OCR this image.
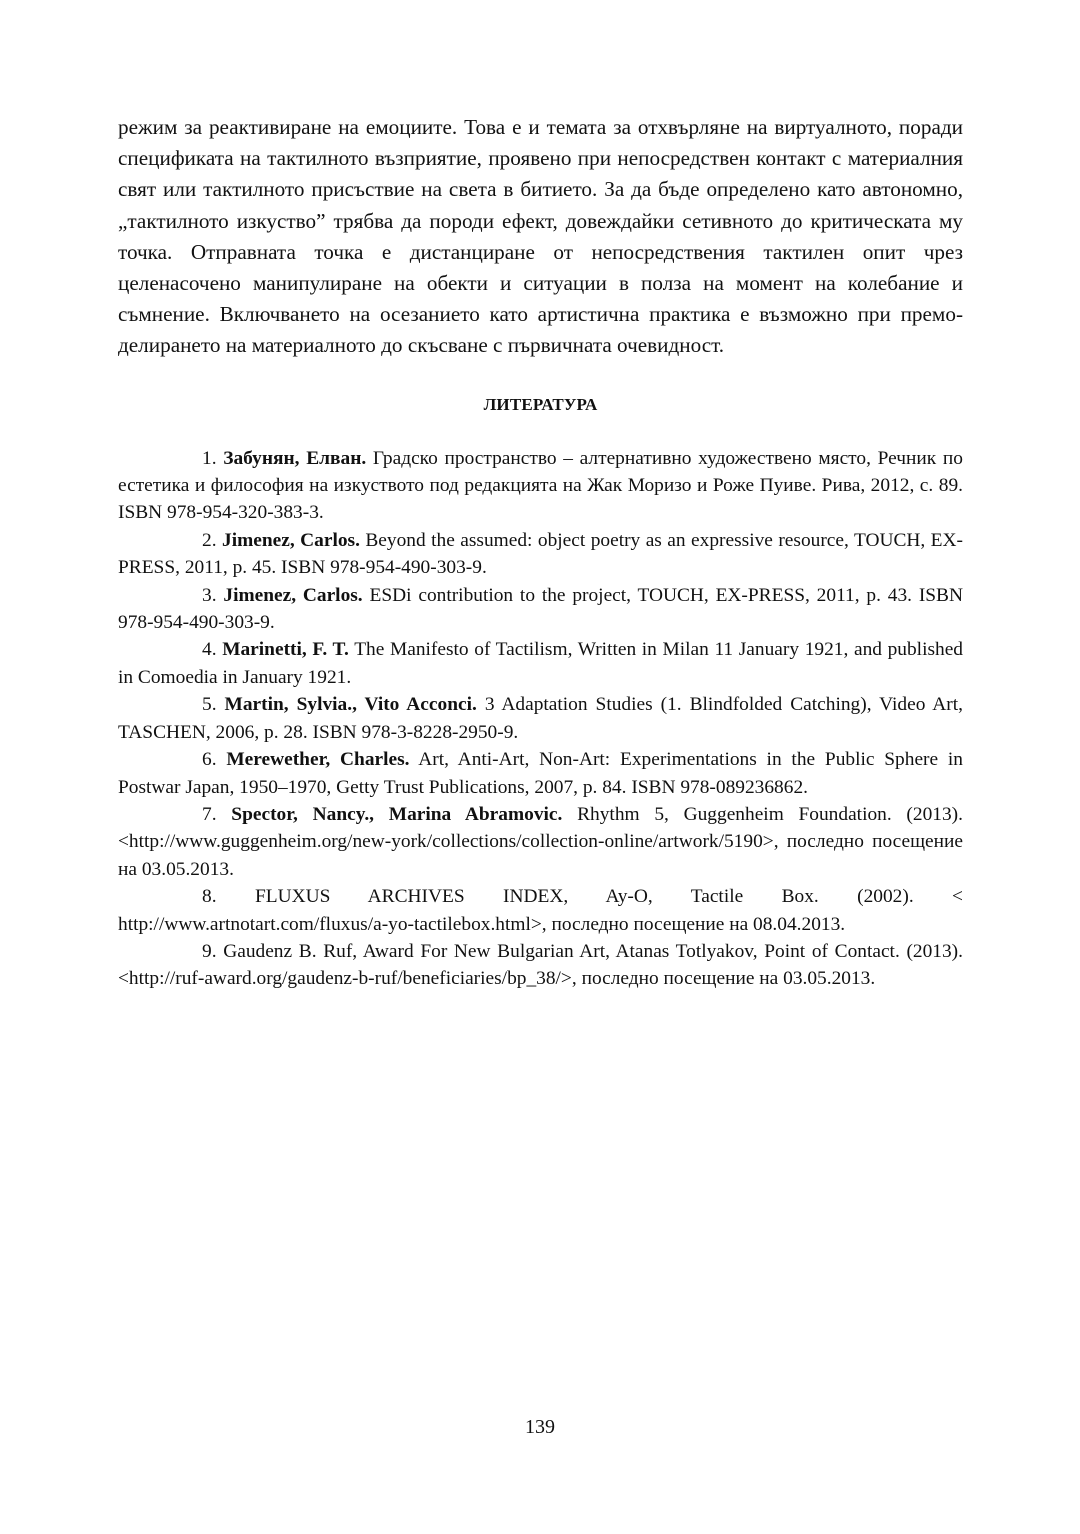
режим за реактивиране на емоциите. Това е и темата за отхвърляне на виртуалното, поради спецификата на тактилното възприятие, проявено при непосредствен контакт с материалния свят или тактилното присъствие на света в битието. За да бъде определено като автономно, „тактилното изкуство” трябва да породи ефект, довеждайки сетивното до критическата му точка. Отправната точка е дистанциране от непосредствения тактилен опит чрез целенасочено манипулиране на обекти и ситуации в полза на момент на колебание и съмнение. Включването на осезанието като артистична практика е възможно при премоделирането на материалното до скъсване с първичната очевидност.

ЛИТЕРАТУРА

1. Забунян, Елван. Градско пространство – алтернативно художествено място, Речник по естетика и философия на изкуството под редакцията на Жак Моризо и Роже Пуиве. Рива, 2012, с. 89. ISBN 978-954-320-383-3.

2. Jimenez, Carlos. Beyond the assumed: object poetry as an expressive resource, TOUCH, EX-PRESS, 2011, p. 45. ISBN 978-954-490-303-9.

3. Jimenez, Carlos. ESDi contribution to the project, TOUCH, EX-PRESS, 2011, p. 43. ISBN 978-954-490-303-9.

4. Marinetti, F. T. The Manifesto of Tactilism, Written in Milan 11 January 1921, and published in Comoedia in January 1921.

5. Martin, Sylvia., Vito Acconci. 3 Adaptation Studies (1. Blindfolded Catching), Video Art, TASCHEN, 2006, p. 28. ISBN 978-3-8228-2950-9.

6. Merewether, Charles. Art, Anti-Art, Non-Art: Experimentations in the Public Sphere in Postwar Japan, 1950–1970, Getty Trust Publications, 2007, p. 84. ISBN 978-089236862.

7. Spector, Nancy., Marina Abramovic. Rhythm 5, Guggenheim Foundation. (2013). <http://www.guggenheim.org/new-york/collections/collection-online/artwork/5190>, последно посещение на 03.05.2013.

8. FLUXUS ARCHIVES INDEX, Ay-O, Tactile Box. (2002). < http://www.artnotart.com/fluxus/a-yo-tactilebox.html>, последно посещение на 08.04.2013.

9. Gaudenz B. Ruf, Award For New Bulgarian Art, Atanas Totlyakov, Point of Contact. (2013). <http://ruf-award.org/gaudenz-b-ruf/beneficiaries/bp_38/>, последно посещение на 03.05.2013.

139
